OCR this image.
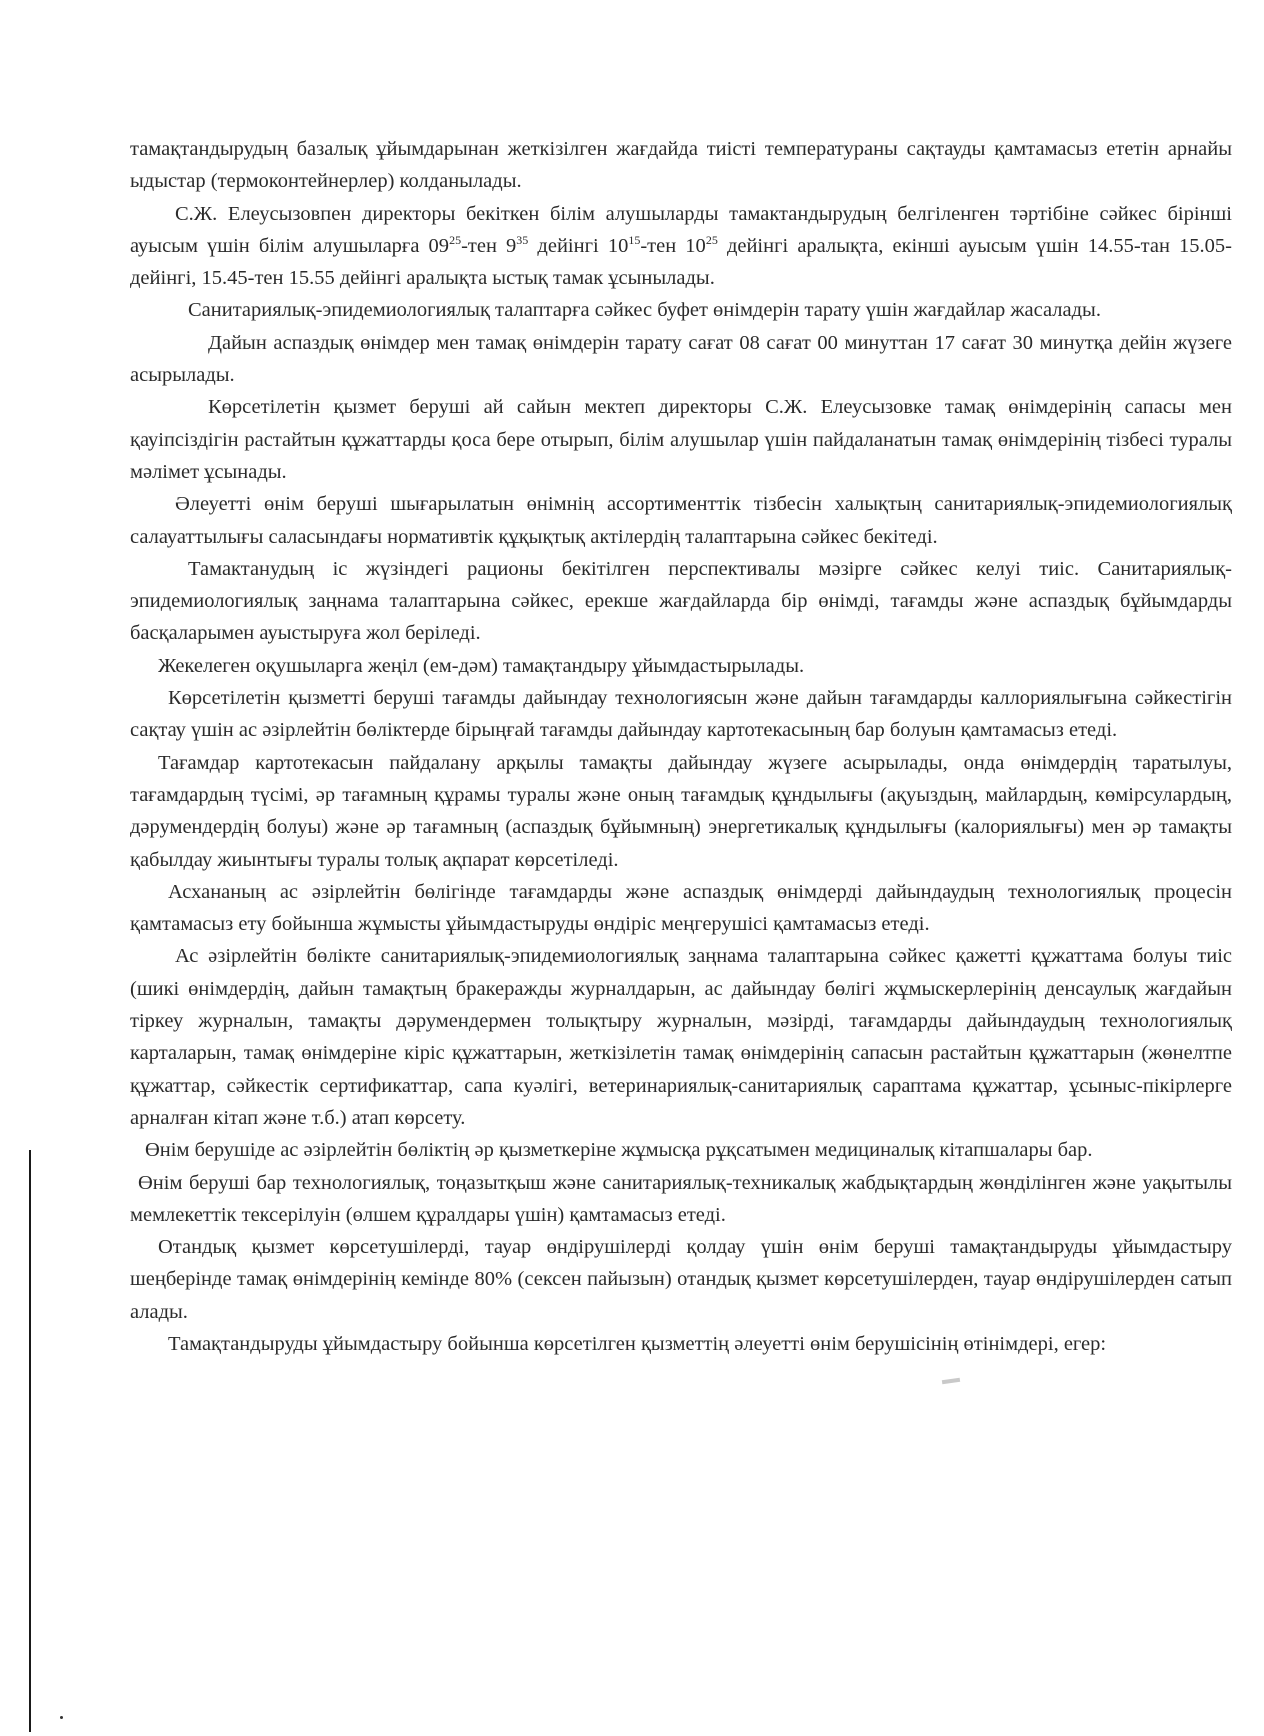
тамақтандырудың базалық ұйымдарынан жеткізілген жағдайда тиісті температураны сақтауды қамтамасыз ететін арнайы ыдыстар (термоконтейнерлер) колданылады.

С.Ж. Елеусызовпен директоры бекіткен білім алушыларды тамактандырудың белгіленген тәртібіне сәйкес бірінші ауысым үшін білім алушыларға $09^{25}$-тен $9^{35}$ дейінгі $10^{15}$-тен $10^{25}$ дейінгі аралықта, екінші ауысым үшін 14.55-тан 15.05-дейінгі, 15.45-тен 15.55 дейінгі аралықта ыстық тамак ұсынылады.

Санитариялық-эпидемиологиялық талаптарға сәйкес буфет өнімдерін тарату үшін жағдайлар жасалады.

Дайын аспаздық өнімдер мен тамақ өнімдерін тарату сағат 08 сағат 00 минуттан 17 сағат 30 минутқа дейін жүзеге асырылады.

Көрсетілетін қызмет беруші ай сайын мектеп директоры С.Ж. Елеусызовке тамақ өнімдерінің сапасы мен қауіпсіздігін растайтын құжаттарды қоса бере отырып, білім алушылар үшін пайдаланатын тамақ өнімдерінің тізбесі туралы мәлімет ұсынады.

Әлеуетті өнім беруші шығарылатын өнімнің ассортименттік тізбесін халықтың санитариялық-эпидемиологиялық салауаттылығы саласындағы нормативтік құқықтық актілердің талаптарына сәйкес бекітеді.

Тамактанудың іс жүзіндегі рационы бекітілген перспективалы мәзірге сәйкес келуі тиіс. Санитариялық-эпидемиологиялық заңнама талаптарына сәйкес, ерекше жағдайларда бір өнімді, тағамды және аспаздық бұйымдарды басқаларымен ауыстыруға жол беріледі.

Жекелеген оқушыларга жеңіл (ем-дәм) тамақтандыру ұйымдастырылады.

Көрсетілетін қызметті беруші тағамды дайындау технологиясын және дайын тағамдарды каллориялығына сәйкестігін сақтау үшін ас әзірлейтін бөліктерде бірыңғай тағамды дайындау картотекасының бар болуын қамтамасыз етеді.

Тағамдар картотекасын пайдалану арқылы тамақты дайындау жүзеге асырылады, онда өнімдердің таратылуы, тағамдардың түсімі, әр тағамның құрамы туралы және оның тағамдық құндылығы (ақуыздың, майлардың, көмірсулардың, дәрумендердің болуы) және әр тағамның (аспаздық бұйымның) энергетикалық құндылығы (калориялығы) мен әр тамақты қабылдау жиынтығы туралы толық ақпарат көрсетіледі.

Асхананың ас әзірлейтін бөлігінде тағамдарды және аспаздық өнімдерді дайындаудың технологиялық процесін қамтамасыз ету бойынша жұмысты ұйымдастыруды өндіріс меңгерушісі қамтамасыз етеді.

Ас әзірлейтін бөлікте санитариялық-эпидемиологиялық заңнама талаптарына сәйкес қажетті құжаттама болуы тиіс (шикі өнімдердің, дайын тамақтың бракеражды журналдарын, ас дайындау бөлігі жұмыскерлерінің денсаулық жағдайын тіркеу журналын, тамақты дәрумендермен толықтыру журналын, мәзірді, тағамдарды дайындаудың технологиялық карталарын, тамақ өнімдеріне кіріс құжаттарын, жеткізілетін тамақ өнімдерінің сапасын растайтын құжаттарын (жөнелтпе құжаттар, сәйкестік сертификаттар, сапа куәлігі, ветеринариялық-санитариялық сараптама құжаттар, ұсыныс-пікірлерге арналған кітап және т.б.) атап көрсету.

Өнім берушіде ас әзірлейтін бөліктің әр қызметкеріне жұмысқа рұқсатымен медициналық кітапшалары бар.

Өнім беруші бар технологиялық, тоңазытқыш және санитариялық-техникалық жабдықтардың жөнділінген және уақытылы мемлекеттік тексерілуін (өлшем құралдары үшін) қамтамасыз етеді.

Отандық қызмет көрсетушілерді, тауар өндірушілерді қолдау үшін өнім беруші тамақтандыруды ұйымдастыру шеңберінде тамақ өнімдерінің кемінде 80% (сексен пайызын) отандық қызмет көрсетушілерден, тауар өндірушілерден сатып алады.

Тамақтандыруды ұйымдастыру бойынша көрсетілген қызметтің әлеуетті өнім берушісінің өтінімдері, егер:
